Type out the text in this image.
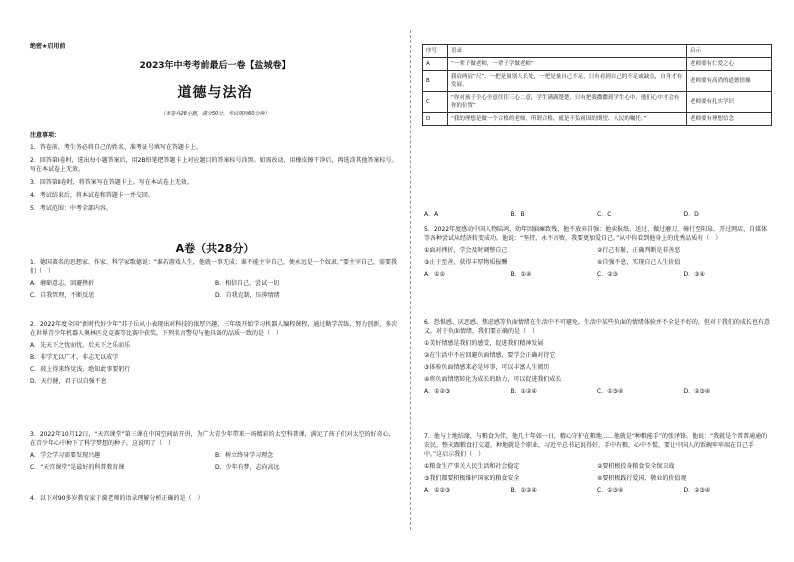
绝密★启用前
2023年中考考前最后一卷【盐城卷】
道德与法治
（本卷共28小题，满分50分，考试用时60分钟）
注意事项：
1．答卷前，考生务必将自己的姓名、准考证号填写在答题卡上。
2．回答第Ⅰ卷时，选出每小题答案后，用2B铅笔把答题卡上对应题目的答案标号涂黑。如需改动，用橡皮擦干净后，再选涂其他答案标号。写在本试卷上无效。
3．回答第Ⅱ卷时，将答案写在答题卡上。写在本试卷上无效。
4．考试结束后，将本试卷和答题卡一并交回。
5．考试范围：中考全部内容。
A卷（共28分）
1．德国著名的思想家、作家、科学家歌德说：“谁若游戏人生，他就一事无成；谁不能主宰自己，便永远是一个奴隶。”要主宰自己，需要我们（　）
A．磨砺意志，回避挫折	B．相信自己，尝试一切
C．自我管理，不断反思	D．自我克制，压抑情绪
2．2022年度全国“新时代好少年”苏子岳从小表现出对科技的浓厚兴趣，三年级开始学习机器人编程课程，通过勤学苦练，努力创新，多次在世界青少年机器人奥林匹克竞赛等比赛中获奖。下列名言警句与他具备的品质一致的是（　）
A．先天下之忧而忧，后天下之乐而乐
B．非学无以广才，非志无以成学
C．玻上得来终觉浅，绝知此事要躬行
D．天行健，君子以自强不息
3．2022年10月12日，“天宫课堂”第三课在中国空间站开讲，为广大青少年带来一场精彩的太空科普课，满足了孩子们对太空的好奇心，在青少年心中种下了科学梦想的种子。这说明了（　）
A．学会学习需要发现兴趣	B．树立终身学习理念
C．“天宫课堂”是最好的科普教育课	D．少年有梦，志向高远
4．以下对90多岁教育家于漪老师的语录理解分析正确的是（　）
序号	语录	启示
A	“一辈子做老师，一辈子学做老师”	老师要有仁爱之心
B	我肩两肩“尺”，一把是量别人长处，一把是量自己不足，只有看到自己的不足或缺点，自身才有发展。	老师要有高尚的道德情操
C	“你对孩子全心全意往往三心二意，学生满满楚楚，只有把我撒撒到学生心中，他们心中才会有你的位置”	老师要有扎实学识
D	“我的理想是做一个合格的老师，所谓合格，就是不负祖国的期望、人民的嘱托。”	老师要有理想信念
A．A	B．B	C．C	D．D
5．2022年度感动中国人物陆鸿，幼年因脑瘫致残，他不放弃自强：他卖报纸、送过、做过磨刀，骑行至阳泉，开过网店，自媒体等各种尝试从经济转变成功。他说：“坚持，永不言败，我要更加爱自己。”从中你看到他身上的优秀品质有（　）
①面对挫折，学会及时调整自己	②行己有耻，正确判断是非善恶
③止于至善，获得丰厚物质报酬	④自强不息，实现自己人生价值
A．①②	B．①④	C．②③	D．③④
6．恐惧感、厌恶感、焦虑感等负面情绪在生活中不可避免。生活中某些负面的情绪体验并不全是不好的，但对于我们的成长也有意义。对于负面情绪，我们要正确的是（　）
①美好情感是我们的感受，促进我们精神发展
②在生活中不应回避负面情感，要学会正确对待它
③体验负面情感来必是坏事，可以丰富人生阅历
④将负面情绪转化为成长的助力，可以促进我们成长
A．①②③	B．①②④	C．①③④	D．②③④
7．他与土地结缘，与粮食为伴，他几十年如一日，精心守护在粮地……他就是“种粮能手”的张泽锋。他说：“我就是个普普通通的农民，整天跟粮食打交道，种地就是个职业。习近平总书记说得好，手中有粮，心中不慌，要让中国人的饭碗牢牢端在自己手中。”这启示我们（　）
①粮食生产事关人民生活和社会稳定	②要积极投身粮食安全保卫战
③我们都要积极维护国家的粮食安全	④要积极践行爱国、敬业的价值观
A．①②③	B．①②④	C．①③④	D．②③④
